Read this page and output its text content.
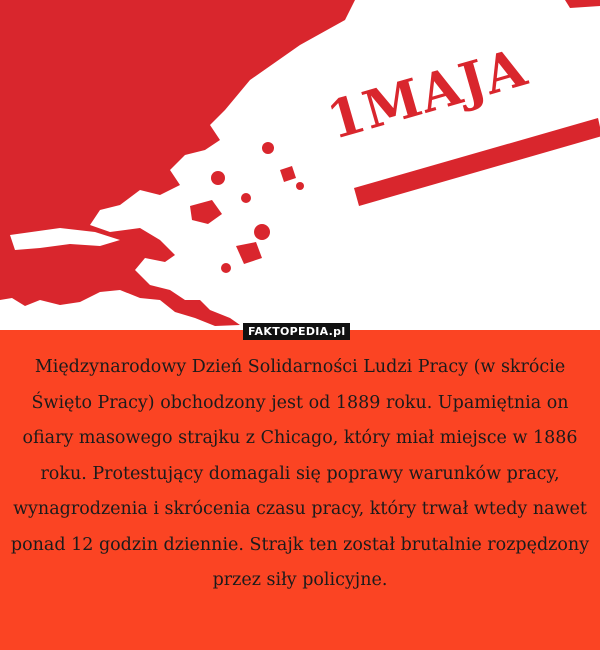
1MAJA
FAKTOPEDIA.pl

Międzynarodowy Dzień Solidarności Ludzi Pracy (w skrócie Święto Pracy) obchodzony jest od 1889 roku. Upamiętnia on ofiary masowego strajku z Chicago, który miał miejsce w 1886 roku. Protestujący domagali się poprawy warunków pracy, wynagrodzenia i skrócenia czasu pracy, który trwał wtedy nawet ponad 12 godzin dziennie. Strajk ten został brutalnie rozpędzony przez siły policyjne.
